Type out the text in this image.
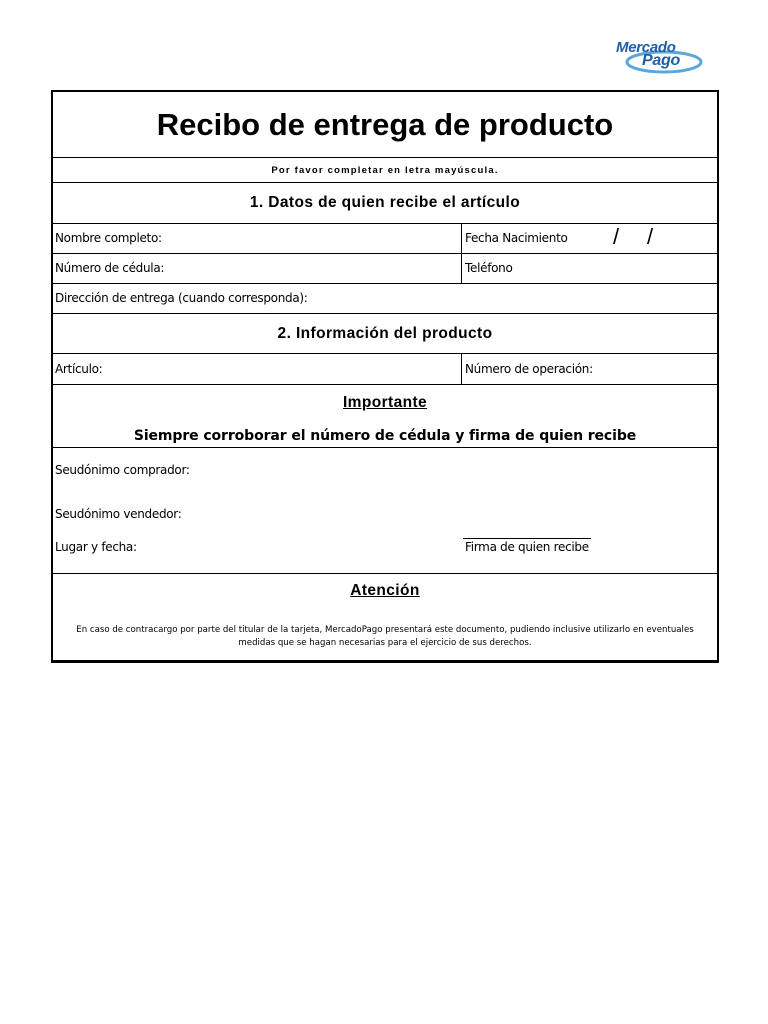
Mercado
Pago
Recibo de entrega de producto
Por favor completar en letra mayúscula.
1. Datos de quien recibe el artículo
Nombre completo:	Fecha Nacimiento / /
Número de cédula:	Teléfono
Dirección de entrega (cuando corresponda):
2. Información del producto
Artículo:	Número de operación:
Importante
Siempre corroborar el número de cédula y firma de quien recibe
Seudónimo comprador:
Seudónimo vendedor:
Lugar y fecha:	Firma de quien recibe
Atención
En caso de contracargo por parte del titular de la tarjeta, MercadoPago presentará este documento, pudiendo inclusive utilizarlo en eventuales medidas que se hagan necesarias para el ejercicio de sus derechos.
